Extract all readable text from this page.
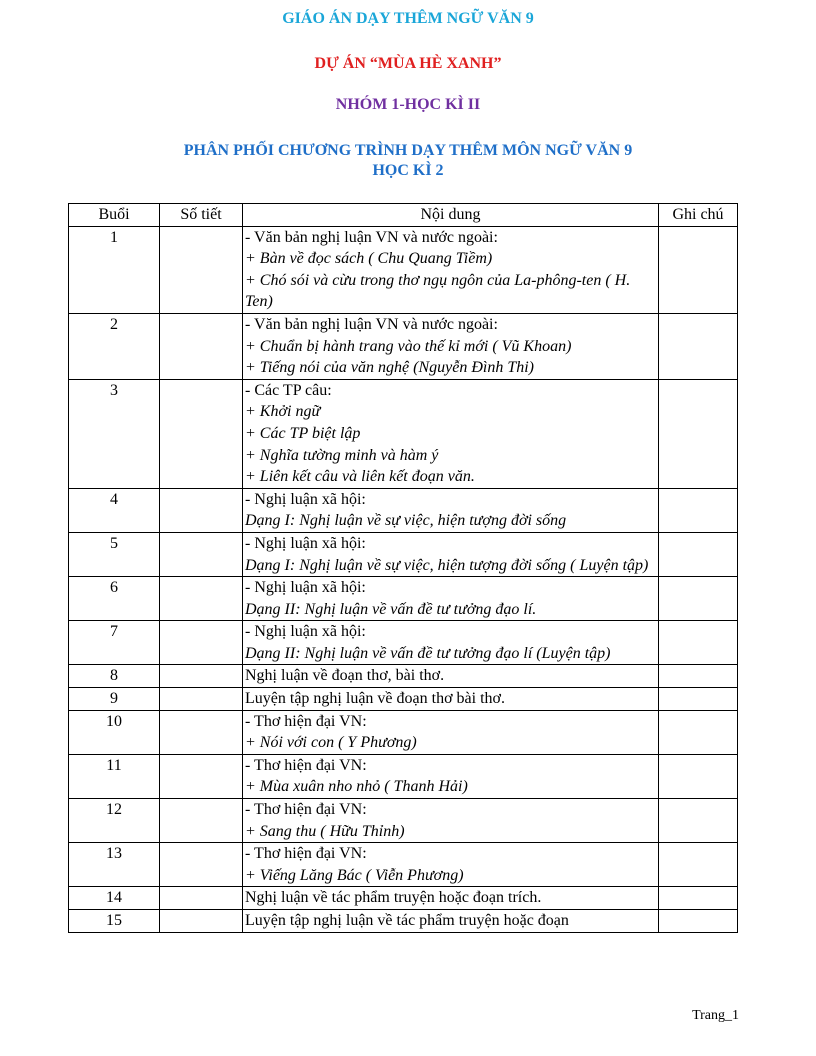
GIÁO ÁN DẠY THÊM NGỮ VĂN 9

DỰ ÁN “MÙA HÈ XANH”

NHÓM 1-HỌC KÌ II

PHÂN PHỐI CHƯƠNG TRÌNH DẠY THÊM MÔN NGỮ VĂN 9
HỌC KÌ 2
Buổi	Số tiết	Nội dung	Ghi chú
1		- Văn bản nghị luận VN và nước ngoài:
+ Bàn về đọc sách ( Chu Quang Tiềm)
+ Chó sói và cừu trong thơ ngụ ngôn của La-phông-ten ( H. Ten)	

2		- Văn bản nghị luận VN và nước ngoài:
+ Chuẩn bị hành trang vào thế kỉ mới ( Vũ Khoan)
+ Tiếng nói của văn nghệ (Nguyễn Đình Thi)	

3		- Các TP câu:
+ Khởi ngữ
+ Các TP biệt lập
+ Nghĩa tường minh và hàm ý
+ Liên kết câu và liên kết đoạn văn.	

4		- Nghị luận xã hội:
Dạng I: Nghị luận về sự việc, hiện tượng đời sống	

5		- Nghị luận xã hội:
Dạng I: Nghị luận về sự việc, hiện tượng đời sống ( Luyện tập)	

6		- Nghị luận xã hội:
Dạng II: Nghị luận về vấn đề tư tưởng đạo lí.	

7		- Nghị luận xã hội:
Dạng II: Nghị luận về vấn đề tư tưởng đạo lí (Luyện tập)	

8		Nghị luận về đoạn thơ, bài thơ.	

9		Luyện tập nghị luận về đoạn thơ bài thơ.	

10		- Thơ hiện đại VN:
+ Nói với con ( Y Phương)	

11		- Thơ hiện đại VN:
+ Mùa xuân nho nhỏ ( Thanh Hải)	

12		- Thơ hiện đại VN:
+ Sang thu ( Hữu Thỉnh)	

13		- Thơ hiện đại VN:
+ Viếng Lăng Bác ( Viễn Phương)	

14		Nghị luận về tác phẩm truyện hoặc đoạn trích.	

15		Luyện tập nghị luận về tác phẩm truyện hoặc đoạn	

Trang_1
